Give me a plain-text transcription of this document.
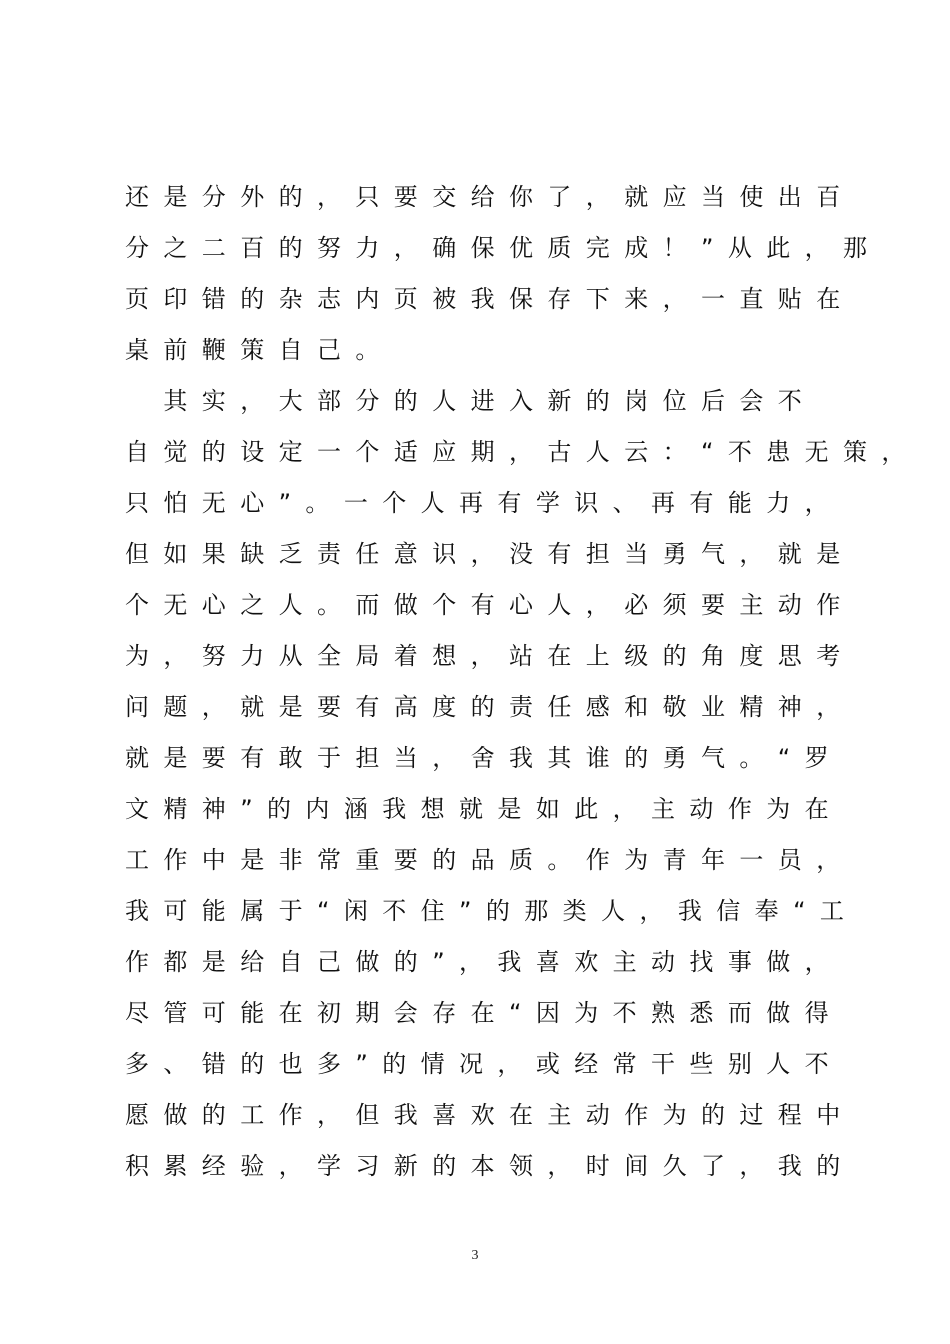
还是分外的，只要交给你了，就应当使出百
分之二百的努力，确保优质完成！”从此，那
页印错的杂志内页被我保存下来，一直贴在
桌前鞭策自己。
　其实，大部分的人进入新的岗位后会不
自觉的设定一个适应期，古人云：“不患无策，
只怕无心”。一个人再有学识、再有能力，
但如果缺乏责任意识，没有担当勇气，就是
个无心之人。而做个有心人，必须要主动作
为，努力从全局着想，站在上级的角度思考
问题，就是要有高度的责任感和敬业精神，
就是要有敢于担当，舍我其谁的勇气。“罗
文精神”的内涵我想就是如此，主动作为在
工作中是非常重要的品质。作为青年一员，
我可能属于“闲不住”的那类人，我信奉“工
作都是给自己做的”，我喜欢主动找事做，
尽管可能在初期会存在“因为不熟悉而做得
多、错的也多”的情况，或经常干些别人不
愿做的工作，但我喜欢在主动作为的过程中
积累经验，学习新的本领，时间久了，我的
3
